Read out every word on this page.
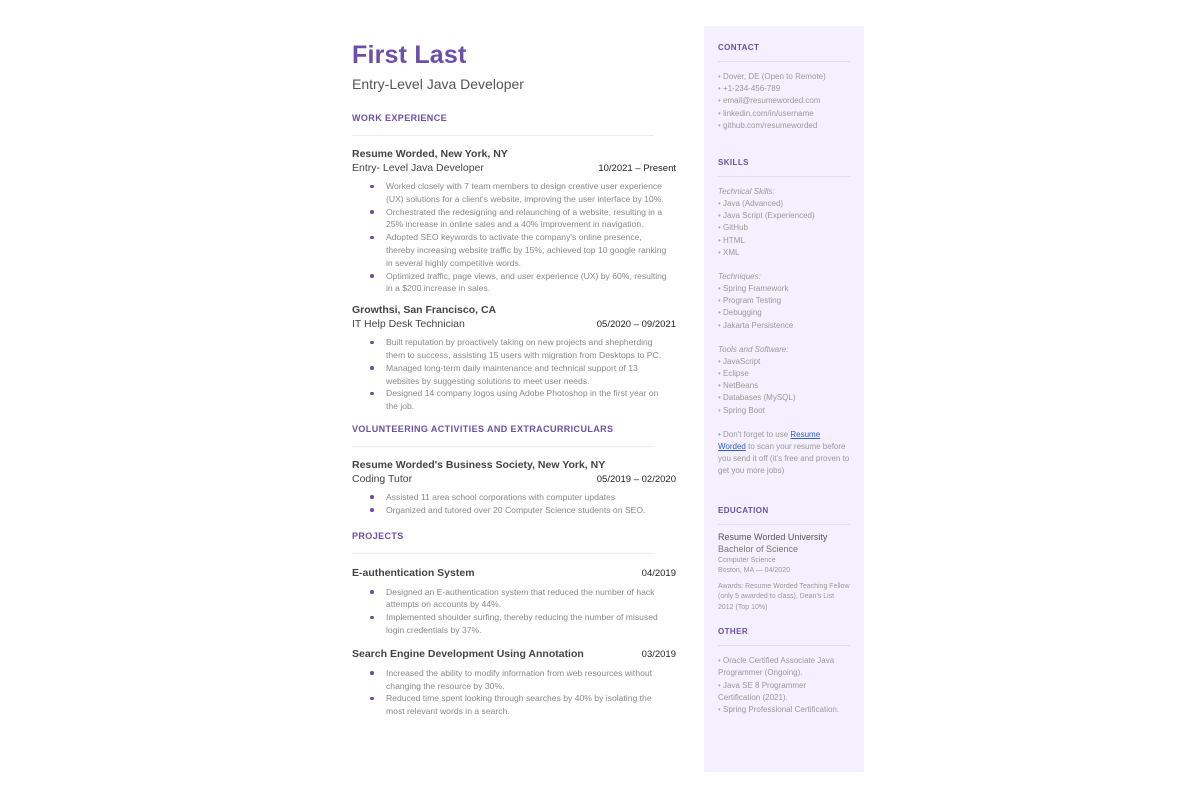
First Last
Entry-Level Java Developer
WORK EXPERIENCE
Resume Worded, New York, NY
Entry- Level Java Developer	10/2021 – Present
Worked closely with 7 team members to design creative user experience (UX) solutions for a client's website, improving the user interface by 10%.
Orchestrated the redesigning and relaunching of a website, resulting in a 25% increase in online sales and a 40% improvement in navigation.
Adopted SEO keywords to activate the company's online presence, thereby increasing website traffic by 15%; achieved top 10 google ranking in several highly competitive words.
Optimized traffic, page views, and user experience (UX) by 60%, resulting in a $200 increase in sales.
Growthsi, San Francisco, CA
IT Help Desk Technician	05/2020 – 09/2021
Built reputation by proactively taking on new projects and shepherding them to success, assisting 15 users with migration from Desktops to PC.
Managed long-term daily maintenance and technical support of 13 websites by suggesting solutions to meet user needs.
Designed 14 company logos using Adobe Photoshop in the first year on the job.
VOLUNTEERING ACTIVITIES AND EXTRACURRICULARS
Resume Worded's Business Society, New York, NY
Coding Tutor	05/2019 – 02/2020
Assisted 11 area school corporations with computer updates
Organized and tutored over 20 Computer Science students on SEO.
PROJECTS
E-authentication System	04/2019
Designed an E-authentication system that reduced the number of hack attempts on accounts by 44%.
Implemented shoulder surfing, thereby reducing the number of misused login credentials by 37%.
Search Engine Development Using Annotation	03/2019
Increased the ability to modify information from web resources without changing the resource by 30%.
Reduced time spent looking through searches by 40% by isolating the most relevant words in a search.
CONTACT
• Dover, DE (Open to Remote)
• +1-234-456-789
• email@resumeworded.com
• linkedin.com/in/username
• github.com/resumeworded
SKILLS
Technical Skills:
• Java (Advanced)
• Java Script (Experienced)
• GitHub
• HTML
• XML
Techniques:
• Spring Framework
• Program Testing
• Debugging
• Jakarta Persistence
Tools and Software:
• JavaScript
• Eclipse
• NetBeans
• Databases (MySQL)
• Spring Boot
• Don't forget to use Resume Worded to scan your resume before you send it off (it's free and proven to get you more jobs)
EDUCATION
Resume Worded University
Bachelor of Science
Computer Science
Boston, MA — 04/2020
Awards: Resume Worded Teaching Fellow (only 5 awarded to class), Dean's List 2012 (Top 10%)
OTHER
• Oracle Certified Associate Java Programmer (Ongoing).
• Java SE 8 Programmer Certification (2021).
• Spring Professional Certification.
